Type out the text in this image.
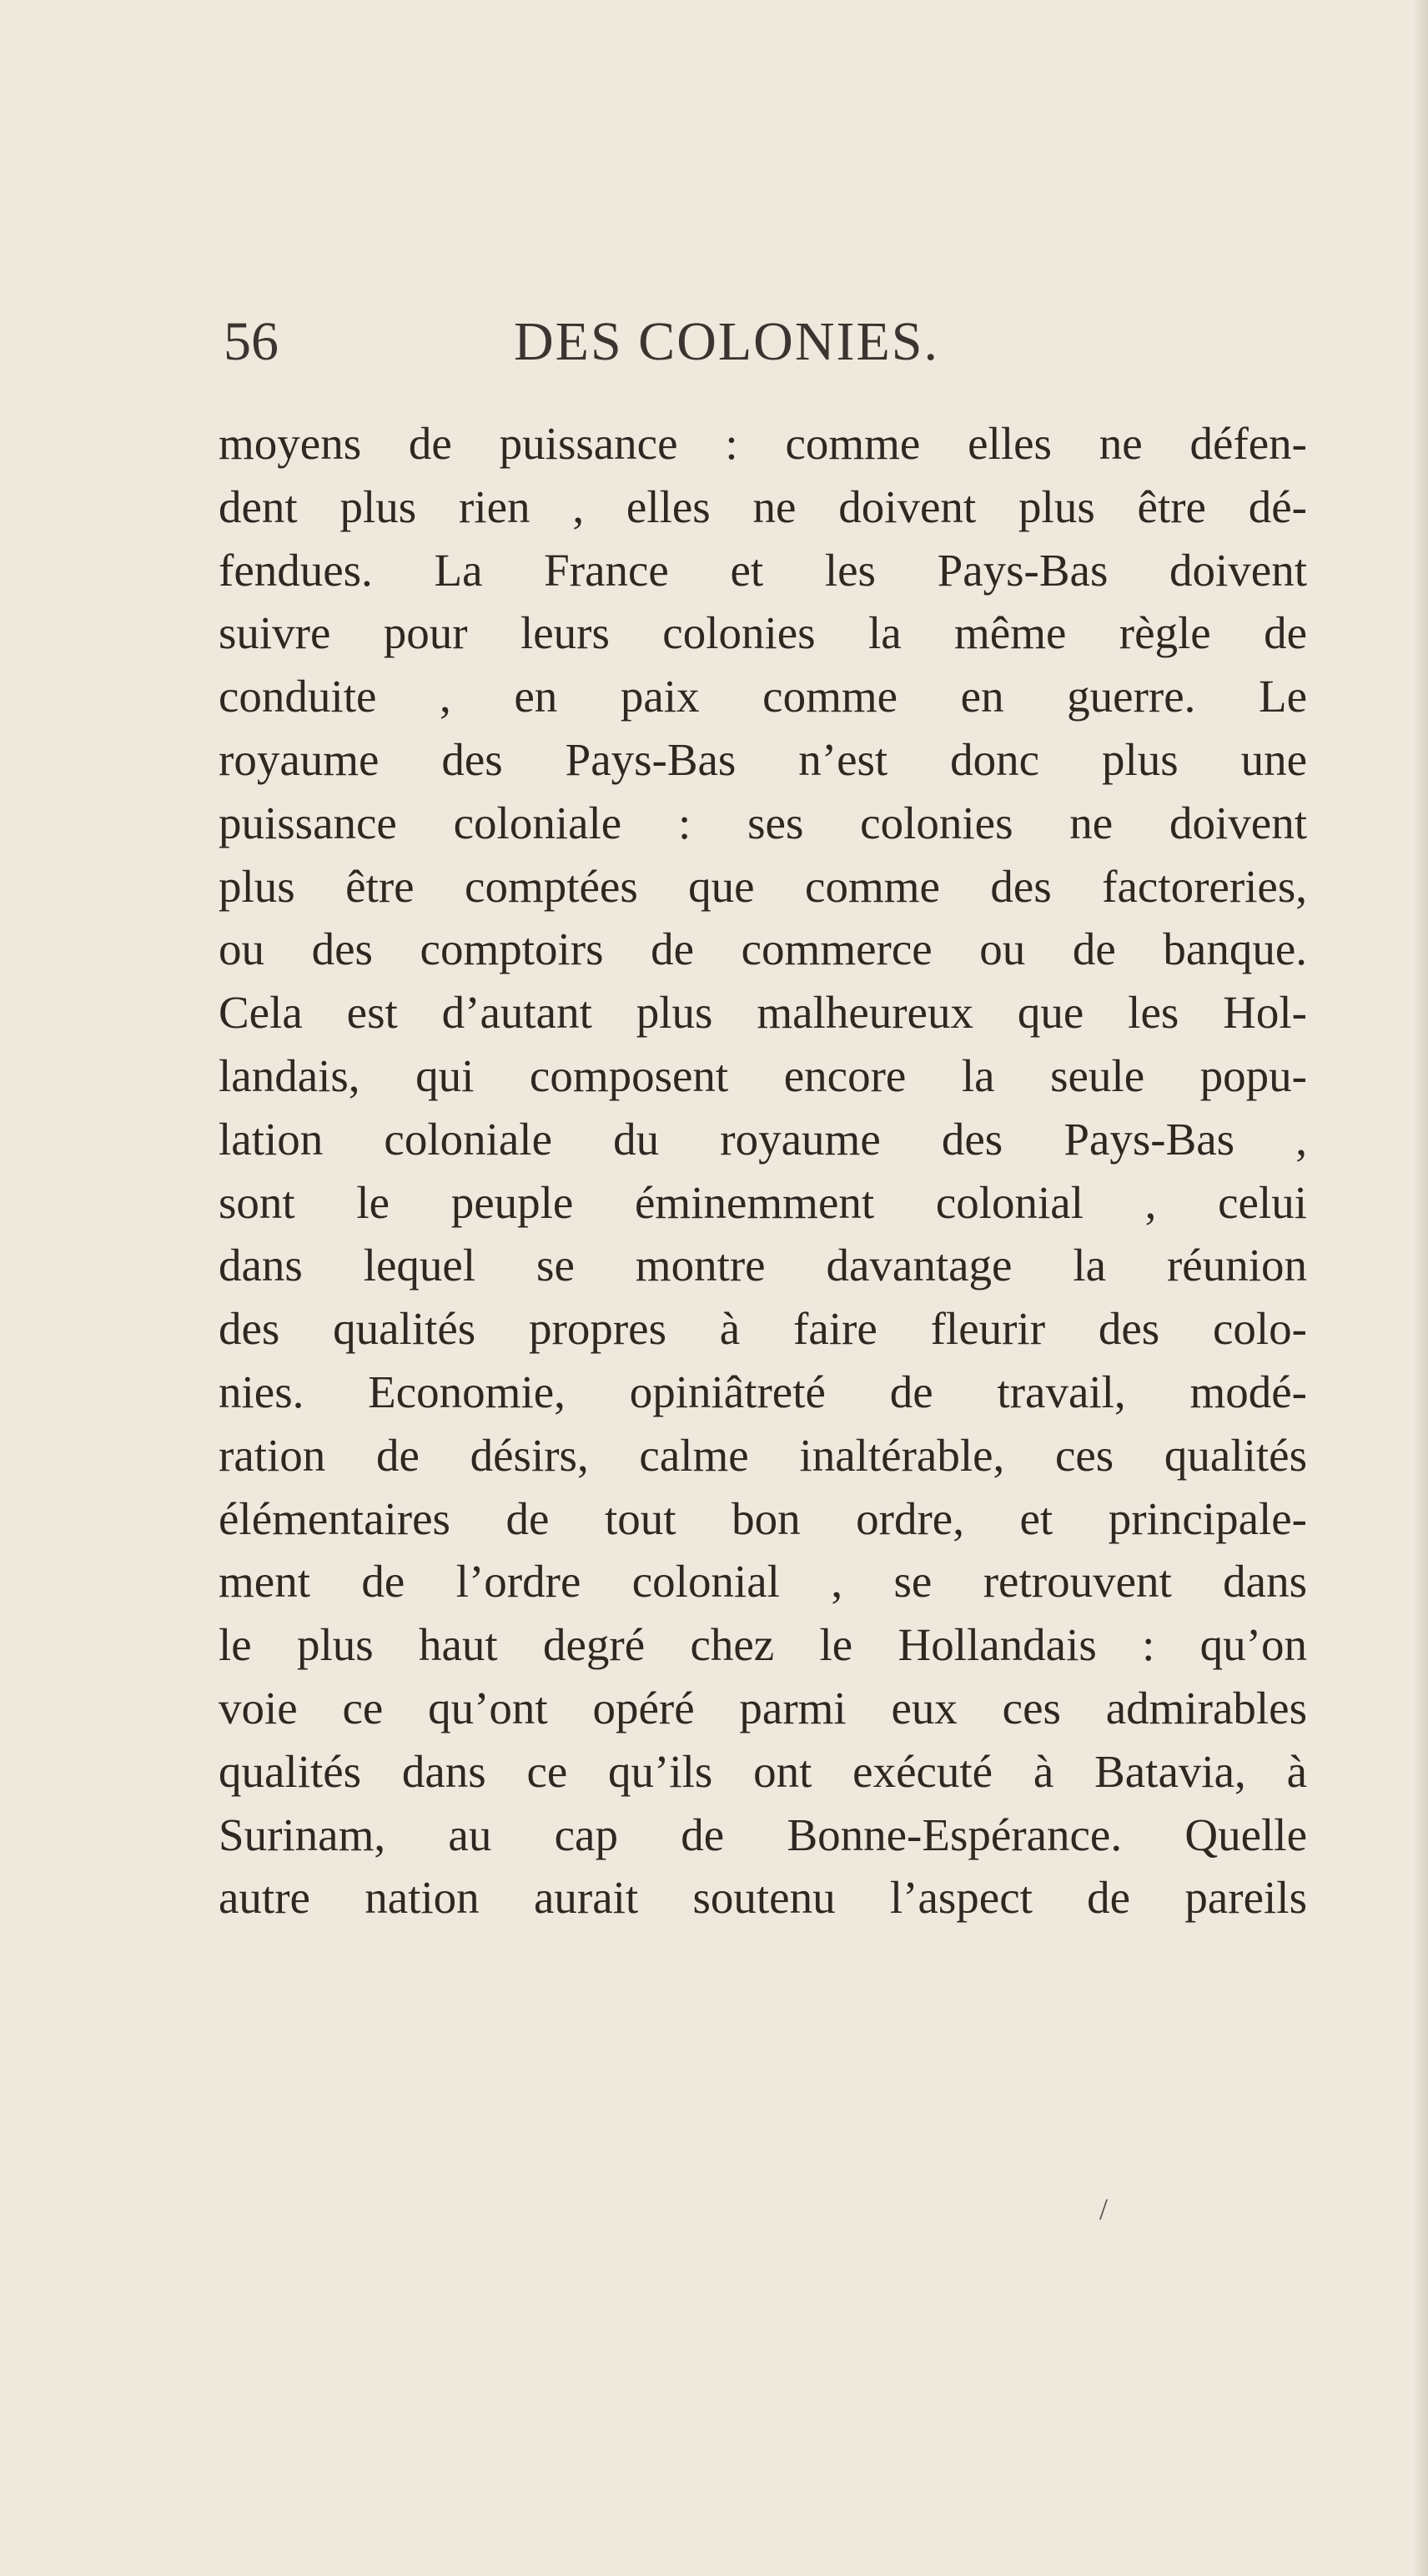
56	DES COLONIES.
moyens de puissance : comme elles ne défen-
dent plus rien , elles ne doivent plus être dé-
fendues. La France et les Pays-Bas doivent
suivre pour leurs colonies la même règle de
conduite , en paix comme en guerre. Le
royaume des Pays-Bas n’est donc plus une
puissance coloniale : ses colonies ne doivent
plus être comptées que comme des factoreries,
ou des comptoirs de commerce ou de banque.
Cela est d’autant plus malheureux que les Hol-
landais, qui composent encore la seule popu-
lation coloniale du royaume des Pays-Bas ,
sont le peuple éminemment colonial , celui
dans lequel se montre davantage la réunion
des qualités propres à faire fleurir des colo-
nies. Economie, opiniâtreté de travail, modé-
ration de désirs, calme inaltérable, ces qualités
élémentaires de tout bon ordre, et principale-
ment de l’ordre colonial , se retrouvent dans
le plus haut degré chez le Hollandais : qu’on
voie ce qu’ont opéré parmi eux ces admirables
qualités dans ce qu’ils ont exécuté à Batavia, à
Surinam, au cap de Bonne-Espérance. Quelle
autre nation aurait soutenu l’aspect de pareils
/
